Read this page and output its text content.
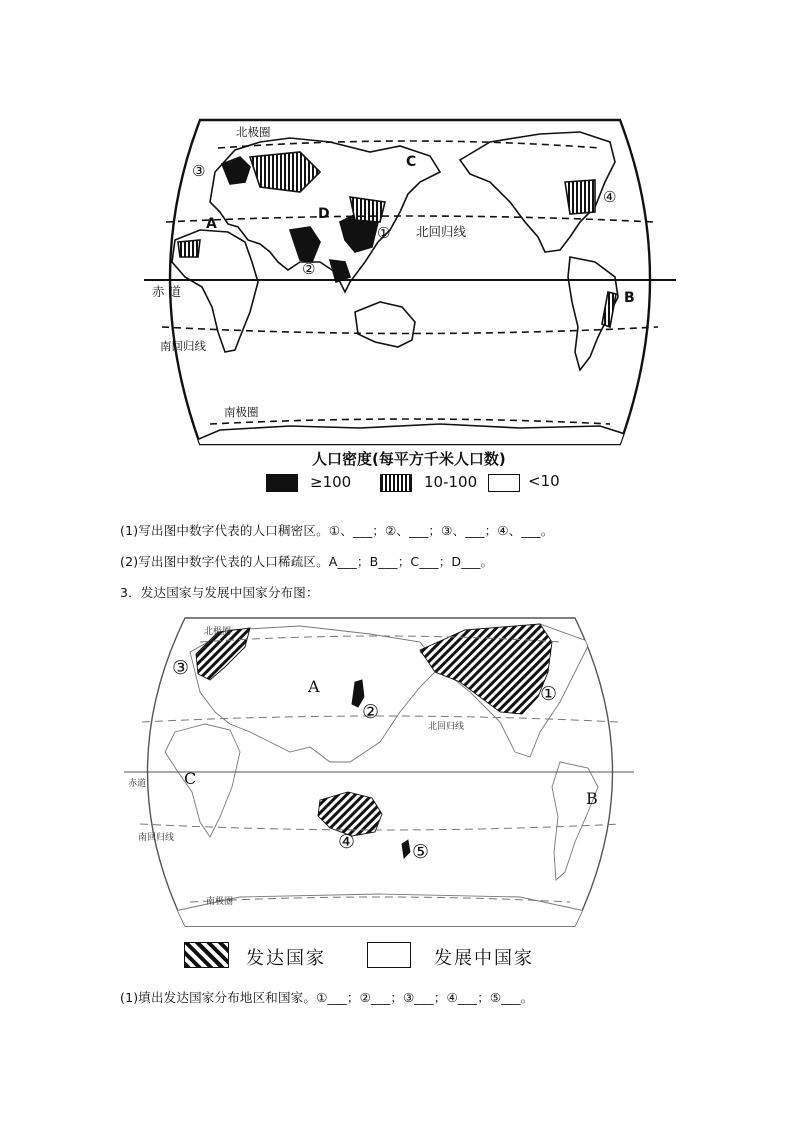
北极圈
北回归线
赤 道
南回归线
南极圈
③
④
①
②
A
B
C
D
人口密度(每平方千米人口数)
≥100	10-100	<10
(1)写出图中数字代表的人口稠密区。①、___；②、___；③、___；④、___。
(2)写出图中数字代表的人口稀疏区。A___；B___；C___；D___。
3．发达国家与发展中国家分布图：
北极圈
北回归线
赤道
南回归线
南极圈
③
②
①
④	⑤
A
B
C
发达国家	发展中国家
(1)填出发达国家分布地区和国家。①___；②___；③___；④___；⑤___。
